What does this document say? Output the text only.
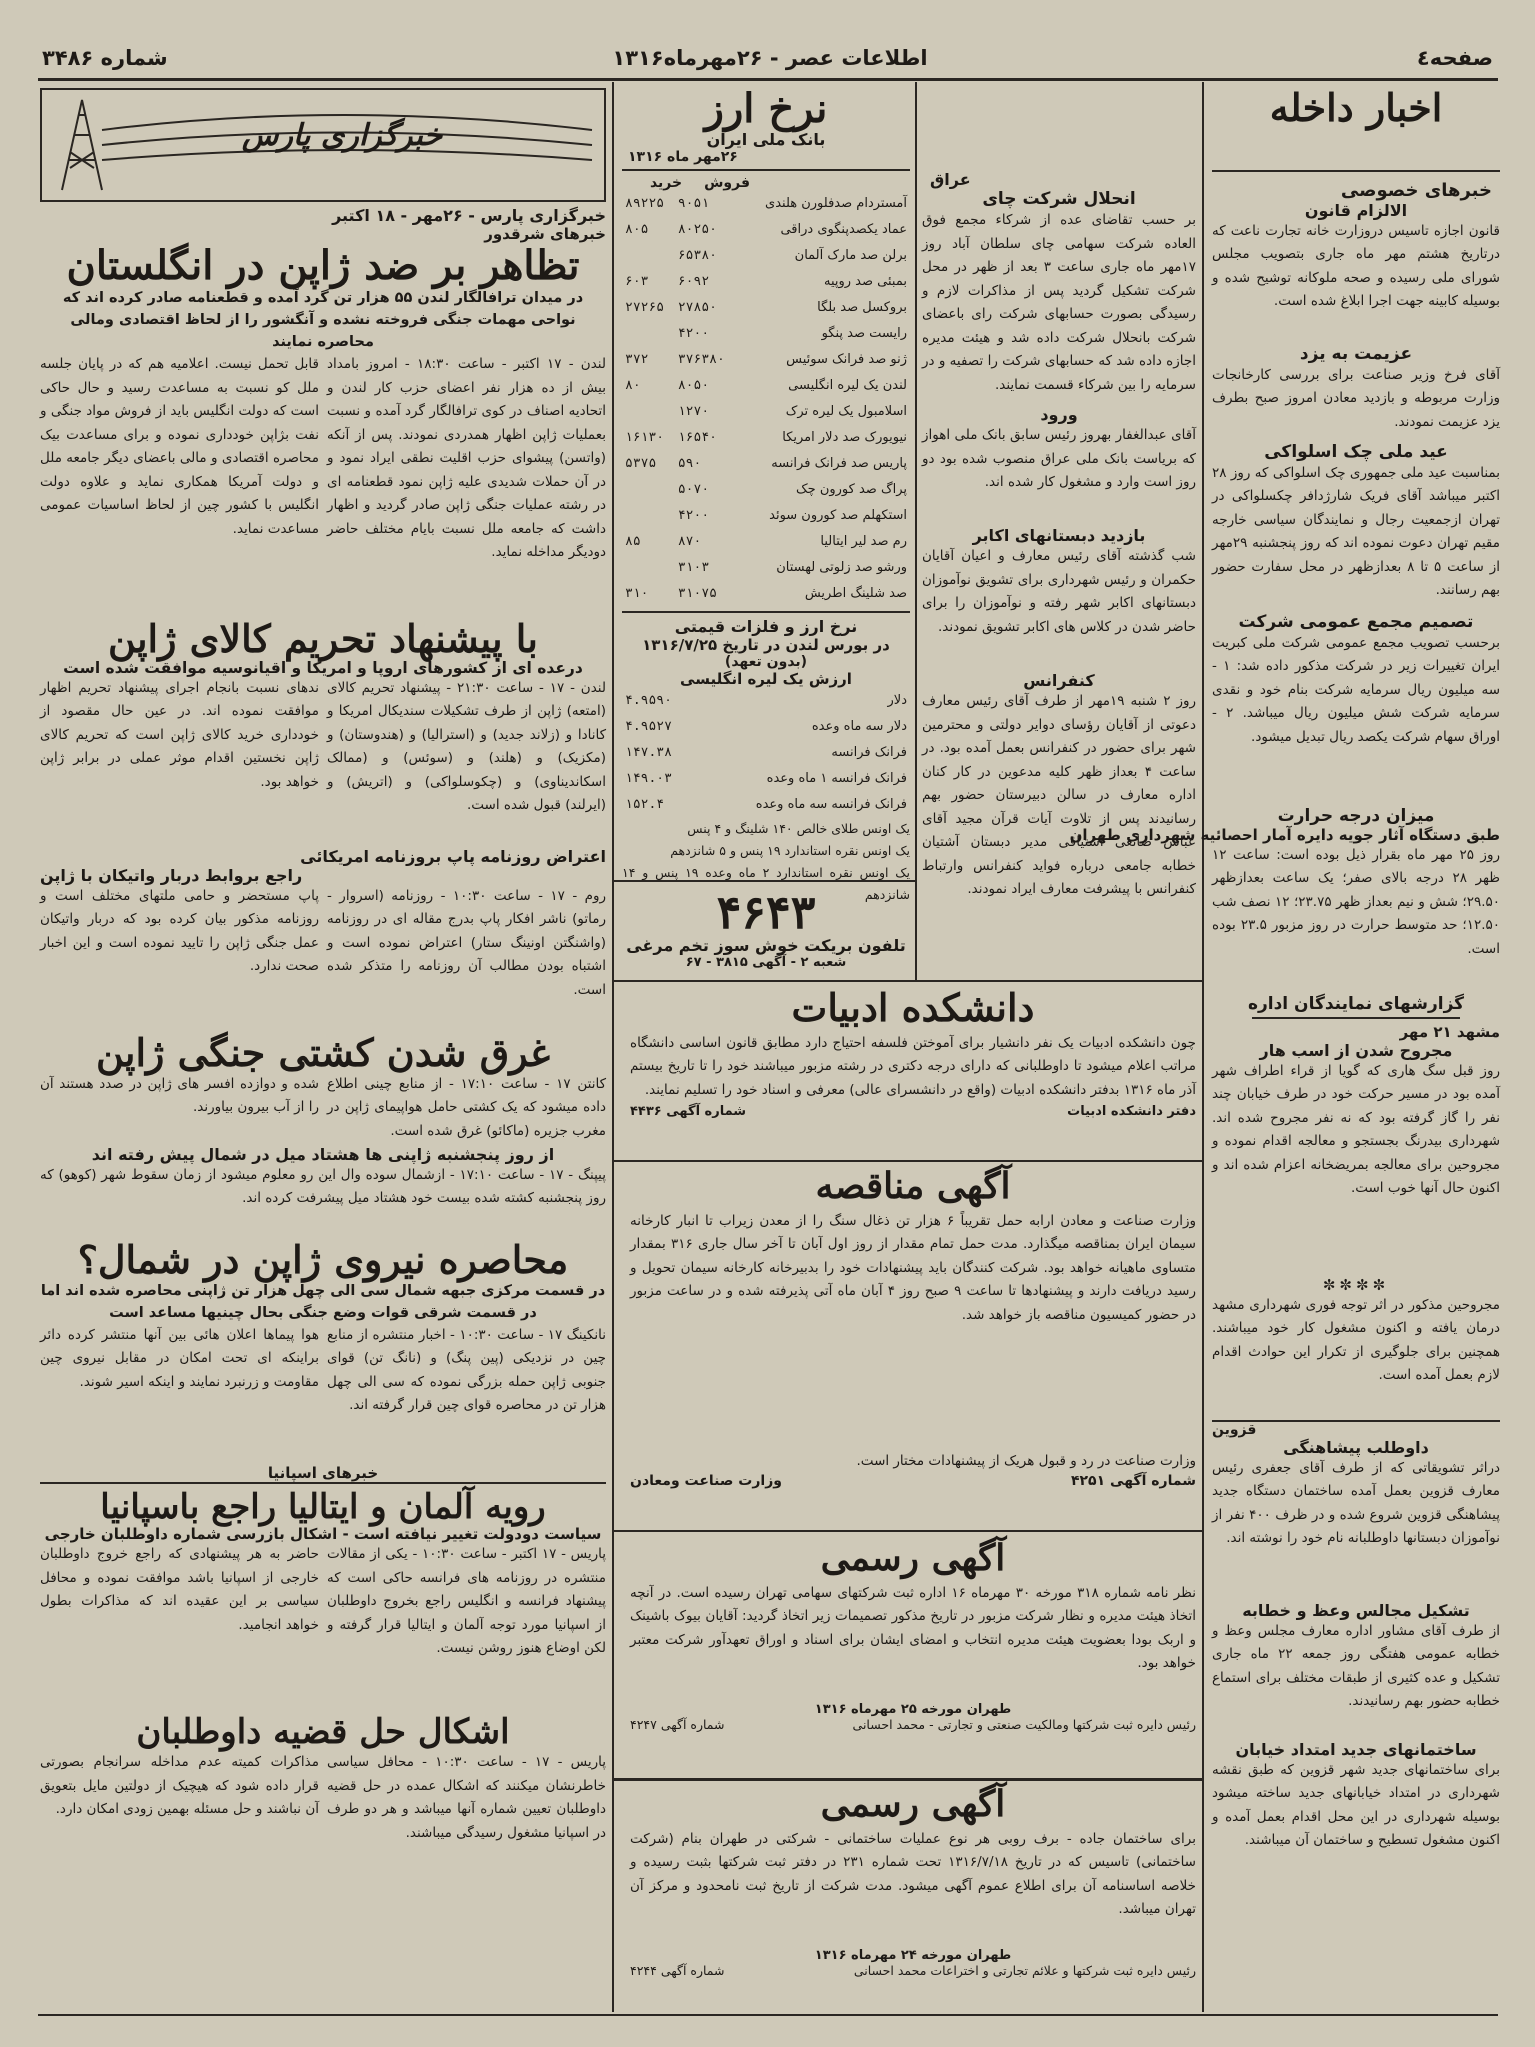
صفحه٤
اطلاعات عصر - ۲۶مهرماه۱۳۱۶
شماره ۳۴۸۶
اخبار داخله
خبرهای خصوصی
الالزام قانون
قانون اجازه تاسیس دروزارت خانه تجارت ناعت که درتاریخ هشتم مهر ماه جاری بتصویب مجلس شورای ملی رسیده و صحه ملوکانه توشیح شده و بوسیله کابینه جهت اجرا ابلاغ شده است.
عزیمت به یزد
آقای فرخ وزیر صناعت برای بررسی کارخانجات وزارت مربوطه و بازدید معادن امروز صبح بطرف یزد عزیمت نمودند.
عید ملی چک اسلواکی
بمناسبت عید ملی جمهوری چک اسلواکی که روز ۲۸ اکتبر میباشد آقای فریک شارژدافر چکسلواکی در تهران ازجمعیت رجال و نمایندگان سیاسی خارجه مقیم تهران دعوت نموده اند که روز پنجشنبه ۲۹مهر از ساعت ۵ تا ۸ بعدازظهر در محل سفارت حضور بهم رسانند.
تصمیم مجمع عمومی شرکت
برحسب تصویب مجمع عمومی شرکت ملی کبریت ایران تغییرات زیر در شرکت مذکور داده شد: ۱ - سه میلیون ریال سرمایه شرکت بنام خود و نقدی سرمایه شرکت شش میلیون ریال میباشد. ۲ - اوراق سهام شرکت یکصد ریال تبدیل میشود.
میزان درجه حرارت
طبق دستگاه آثار جویه دایره آمار احصائیه شهرداری طهران
روز ۲۵ مهر ماه بقرار ذیل بوده است: ساعت ۱۲ ظهر ۲۸ درجه بالای صفر؛ یک ساعت بعدازظهر ۲۹.۵۰؛ شش و نیم بعداز ظهر ۲۳.۷۵؛ ۱۲ نصف شب ۱۲.۵۰؛ حد متوسط حرارت در روز مزبور ۲۳.۵ بوده است.
گزارشهای نمایندگان اداره
مشهد ۲۱ مهر
مجروح شدن از اسب هار
روز قبل سگ هاری که گویا از قراء اطراف شهر آمده بود در مسیر حرکت خود در طرف خیابان چند نفر را گاز گرفته بود که نه نفر مجروح شده اند. شهرداری بیدرنگ بجستجو و معالجه اقدام نموده و مجروحین برای معالجه بمریضخانه اعزام شده اند و اکنون حال آنها خوب است.
✼✼✼✼
مجروحین مذکور در اثر توجه فوری شهرداری مشهد درمان یافته و اکنون مشغول کار خود میباشند. همچنین برای جلوگیری از تکرار این حوادث اقدام لازم بعمل آمده است.
قزوین
داوطلب پیشاهنگی
دراثر تشویقاتی که از طرف آقای جعفری رئیس معارف قزوین بعمل آمده ساختمان دستگاه جدید پیشاهنگی قزوین شروع شده و در ظرف ۴۰۰ نفر از نوآموزان دبستانها داوطلبانه نام خود را نوشته اند.
تشکیل مجالس وعظ و خطابه
از طرف آقای مشاور اداره معارف مجلس وعظ و خطابه عمومی هفتگی روز جمعه ۲۲ ماه جاری تشکیل و عده کثیری از طبقات مختلف برای استماع خطابه حضور بهم رسانیدند.
ساختمانهای جدید امتداد خیابان
برای ساختمانهای جدید شهر قزوین که طبق نقشه شهرداری در امتداد خیابانهای جدید ساخته میشود بوسیله شهرداری در این محل اقدام بعمل آمده و اکنون مشغول تسطیح و ساختمان آن میباشند.
عراق
انحلال شرکت چای
بر حسب تقاضای عده از شرکاء مجمع فوق العاده شرکت سهامی چای سلطان آباد روز ۱۷مهر ماه جاری ساعت ۳ بعد از ظهر در محل شرکت تشکیل گردید پس از مذاکرات لازم و رسیدگی بصورت حسابهای شرکت رای باعضای شرکت بانحلال شرکت داده شد و هیئت مدیره اجازه داده شد که حسابهای شرکت را تصفیه و در سرمایه را بین شرکاء قسمت نمایند.
ورود
آقای عبدالغفار بهروز رئیس سابق بانک ملی اهواز که بریاست بانک ملی عراق منصوب شده بود دو روز است وارد و مشغول کار شده اند.
بازدید دبستانهای اکابر
شب گذشته آقای رئیس معارف و اعیان آقایان حکمران و رئیس شهرداری برای تشویق نوآموزان دبستانهای اکابر شهر رفته و نوآموزان را برای حاضر شدن در کلاس های اکابر تشویق نمودند.
کنفرانس
روز ۲ شنبه ۱۹مهر از طرف آقای رئیس معارف دعوتی از آقایان رؤسای دوایر دولتی و محترمین شهر برای حضور در کنفرانس بعمل آمده بود. در ساعت ۴ بعداز ظهر کلیه مدعوین در کار کنان اداره معارف در سالن دبیرستان حضور بهم رسانیدند پس از تلاوت آیات قرآن مجید آقای عباس صانعی اشتیاقی مدیر دبستان آشتیان خطابه جامعی درباره فواید کنفرانس وارتباط کنفرانس با پیشرفت معارف ایراد نمودند.
نرخ ارز
بانک ملی ایران
۲۶مهر ماه ۱۳۱۶
فروش
خرید
آمستردام صدفلورن هلندی	۹۰۵۱	۸۹۲۲۵
عماد یکصدپنگوی دراقی	۸۰۲۵۰	۸۰۵
برلن صد مارک آلمان	۶۵۳۸۰	
بمبئی صد روپیه	۶۰۹۲	۶۰۳
بروکسل صد بلگا	۲۷۸۵۰	۲۷۲۶۵
رایست صد پنگو	۴۲۰۰	
ژنو صد فرانک سوئیس	۳۷۶۳۸۰	۳۷۲
لندن یک لیره انگلیسی	۸۰۵۰	۸۰
اسلامبول یک لیره ترک	۱۲۷۰	
نیویورک صد دلار امریکا	۱۶۵۴۰	۱۶۱۳۰
پاریس صد فرانک فرانسه	۵۹۰	۵۳۷۵
پراگ صد کورون چک	۵۰۷۰	
استکهلم صد کورون سوئد	۴۲۰۰	
رم صد لیر ایتالیا	۸۷۰	۸۵
ورشو صد زلوتی لهستان	۳۱۰۳	
صد شلینگ اطریش	۳۱۰۷۵	۳۱۰
نرخ ارز و فلزات قیمتی
در بورس لندن در تاریخ ۱۳۱۶/۷/۲۵
(بدون تعهد)
ارزش یک لیره انگلیسی
دلار	۴.۹۵۹۰
دلار سه ماه وعده	۴.۹۵۲۷
فرانک فرانسه	۱۴۷.۳۸
فرانک فرانسه ۱ ماه وعده	۱۴۹.۰۳
فرانک فرانسه سه ماه وعده	۱۵۲.۴
یک اونس طلای خالص ۱۴۰ شلینگ و ۴ پنس
یک اونس نقره استاندارد ۱۹ پنس و ۵ شانزدهم
یک اونس نقره استاندارد ۲ ماه وعده ۱۹ پنس و ۱۴ شانزدهم
۴۶۴۳
تلفون بریکت خوش سوز تخم مرغی
شعبه ۲ - آگهی ۳۸۱۵ - ۶۷
دانشکده ادبیات
چون دانشکده ادبیات یک نفر دانشیار برای آموختن فلسفه احتیاج دارد مطابق قانون اساسی دانشگاه مراتب اعلام میشود تا داوطلبانی که دارای درجه دکتری در رشته مزبور میباشند خود را تا تاریخ بیستم آذر ماه ۱۳۱۶ بدفتر دانشکده ادبیات (واقع در دانشسرای عالی) معرفی و اسناد خود را تسلیم نمایند.
دفتر دانشکده ادبیات
شماره آگهی ۴۴۳۶
آگهی مناقصه
وزارت صناعت و معادن ارابه حمل تقریباً ۶ هزار تن ذغال سنگ را از معدن زیراب تا انبار کارخانه سیمان ایران بمناقصه میگذارد. مدت حمل تمام مقدار از روز اول آبان تا آخر سال جاری ۳۱۶ بمقدار متساوی ماهیانه خواهد بود. شرکت کنندگان باید پیشنهادات خود را بدبیرخانه کارخانه سیمان تحویل و رسید دریافت دارند و پیشنهادها تا ساعت ۹ صبح روز ۴ آبان ماه آتی پذیرفته شده و در ساعت مزبور در حضور کمیسیون مناقصه باز خواهد شد.
وزارت صناعت در رد و قبول هریک از پیشنهادات مختار است.
شماره آگهی ۴۲۵۱
وزارت صناعت ومعادن
آگهی رسمی
نظر نامه شماره ۳۱۸ مورخه ۳۰ مهرماه ۱۶ اداره ثبت شرکتهای سهامی تهران رسیده است. در آنچه اتخاذ هیئت مدیره و نظار شرکت مزبور در تاریخ مذکور تصمیمات زیر اتخاذ گردید: آقایان بیوک باشینک و اربک بودا بعضویت هیئت مدیره انتخاب و امضای ایشان برای اسناد و اوراق تعهدآور شرکت معتبر خواهد بود.
طهران مورخه ۲۵ مهرماه ۱۳۱۶
رئیس دایره ثبت شرکتها ومالکیت صنعتی و تجارتی - محمد احسانی
شماره آگهی ۴۲۴۷
آگهی رسمی
برای ساختمان جاده - برف روبی هر نوع عملیات ساختمانی - شرکتی در طهران بنام (شرکت ساختمانی) تاسیس که در تاریخ ۱۳۱۶/۷/۱۸ تحت شماره ۲۳۱ در دفتر ثبت شرکتها بثبت رسیده و خلاصه اساسنامه آن برای اطلاع عموم آگهی میشود. مدت شرکت از تاریخ ثبت نامحدود و مرکز آن تهران میباشد.
طهران مورخه ۲۴ مهرماه ۱۳۱۶
رئیس دایره ثبت شرکتها و علائم تجارتی و اختراعات محمد احسانی
شماره آگهی ۴۲۴۴
خبرگزاری پارس
خبرگزاری پارس - ۲۶مهر - ۱۸ اکتبر
خبرهای شرقدور
تظاهر بر ضد ژاپن در انگلستان
در میدان ترافالگار لندن ۵۵ هزار تن گرد آمده و قطعنامه صادر کرده اند که نواحی مهمات جنگی فروخته نشده و آنگشور را از لحاظ اقتصادی ومالی محاصره نمایند
لندن - ۱۷ اکتبر - ساعت ۱۸:۳۰ - امروز بامداد بیش از ده هزار نفر اعضای حزب کار لندن و اتحادیه اصناف در کوی ترافالگار گرد آمده و نسبت بعملیات ژاپن اظهار همدردی نمودند. پس از آنکه (واتسن) پیشوای حزب اقلیت نطقی ایراد نمود و در آن حملات شدیدی علیه ژاپن نمود قطعنامه ای در رشته عملیات جنگی ژاپن صادر گردید و اظهار داشت که جامعه ملل نسبت بایام مختلف حاضر دودیگر مداخله نماید.
قابل تحمل نیست. اعلامیه هم که در پایان جلسه ملل کو نسبت به مساعدت رسید و حال حاکی است که دولت انگلیس باید از فروش مواد جنگی و نفت بژاپن خودداری نموده و برای مساعدت بیک محاصره اقتصادی و مالی باعضای دیگر جامعه ملل و دولت آمریکا همکاری نماید و علاوه دولت انگلیس با کشور چین از لحاظ اساسیات عمومی مساعدت نماید.
با پیشنهاد تحریم کالای ژاپن
درعده ای از کشورهای اروپا و امریکا و اقیانوسیه موافقت شده است
لندن - ۱۷ - ساعت ۲۱:۳۰ - پیشنهاد تحریم کالای (امتعه) ژاپن از طرف تشکیلات سندیکال امریکا و کانادا و (زلاند جدید) و (استرالیا) و (هندوستان) و (مکزیک) و (هلند) و (سوئس) و (ممالک اسکاندیناوی) و (چکوسلواکی) و (اتریش) و (ایرلند) قبول شده است.
ندهای نسبت بانجام اجرای پیشنهاد تحریم اظهار موافقت نموده اند. در عین حال مقصود از خودداری خرید کالای ژاپن است که تحریم کالای ژاپن نخستین اقدام موثر عملی در برابر ژاپن خواهد بود.
اعتراض روزنامه پاپ بروزنامه امریکائی
راجع بروابط دربار واتیکان با ژاپن
روم - ۱۷ - ساعت ۱۰:۳۰ - روزنامه (اسروار - رماتو) ناشر افکار پاپ بدرج مقاله ای در روزنامه (واشنگتن اونینگ ستار) اعتراض نموده است و اشتباه بودن مطالب آن روزنامه را متذکر شده است.
پاپ مستحضر و حامی ملتهای مختلف است و روزنامه مذکور بیان کرده بود که دربار واتیکان عمل جنگی ژاپن را تایید نموده است و این اخبار صحت ندارد.
غرق شدن کشتی جنگی ژاپن
کانتن ۱۷ - ساعت ۱۷:۱۰ - از منابع چینی اطلاع داده میشود که یک کشتی حامل هواپیمای ژاپن در مغرب جزیره (ماکائو) غرق شده است.
شده و دوازده افسر های ژاپن در صدد هستند آن را از آب بیرون بیاورند.
از روز پنجشنبه ژاپنی ها هشتاد میل در شمال پیش رفته اند
پیپنگ - ۱۷ - ساعت ۱۷:۱۰ - ازشمال سوده وال این رو معلوم میشود از زمان سقوط شهر (کوهو) که روز پنجشنبه کشته شده بیست خود هشتاد میل پیشرفت کرده اند.
محاصره نیروی ژاپن در شمال؟
در قسمت مرکزی جبهه شمال سی الی چهل هزار تن ژاپنی محاصره شده اند اما در قسمت شرقی قوات وضع جنگی بحال چینیها مساعد است
نانکینگ ۱۷ - ساعت ۱۰:۳۰ - اخبار منتشره از منابع چین در نزدیکی (پین پنگ) و (نانگ تن) قوای جنوبی ژاپن حمله بزرگی نموده که سی الی چهل هزار تن در محاصره قوای چین قرار گرفته اند.
هوا پیماها اعلان هائی بین آنها منتشر کرده دائر براینکه ای تحت امکان در مقابل نیروی چین مقاومت و زرنبرد نمایند و اینکه اسیر شوند.
خبرهای اسپانیا
رویه آلمان و ایتالیا راجع باسپانیا
سیاست دودولت تغییر نیافته است - اشکال بازرسی شماره داوطلبان خارجی
پاریس - ۱۷ اکتبر - ساعت ۱۰:۳۰ - یکی از مقالات منتشره در روزنامه های فرانسه حاکی است که پیشنهاد فرانسه و انگلیس راجع بخروج داوطلبان از اسپانیا مورد توجه آلمان و ایتالیا قرار گرفته و لکن اوضاع هنوز روشن نیست.
حاضر به هر پیشنهادی که راجع خروج داوطلبان خارجی از اسپانیا باشد موافقت نموده و محافل سیاسی بر این عقیده اند که مذاکرات بطول خواهد انجامید.
اشکال حل قضیه داوطلبان
پاریس - ۱۷ - ساعت ۱۰:۳۰ - محافل سیاسی خاطرنشان میکنند که اشکال عمده در حل قضیه داوطلبان تعیین شماره آنها میباشد و هر دو طرف در اسپانیا مشغول رسیدگی میباشند.
مذاکرات کمیته عدم مداخله سرانجام بصورتی قرار داده شود که هیچیک از دولتین مایل بتعویق آن نباشند و حل مسئله بهمین زودی امکان دارد.
